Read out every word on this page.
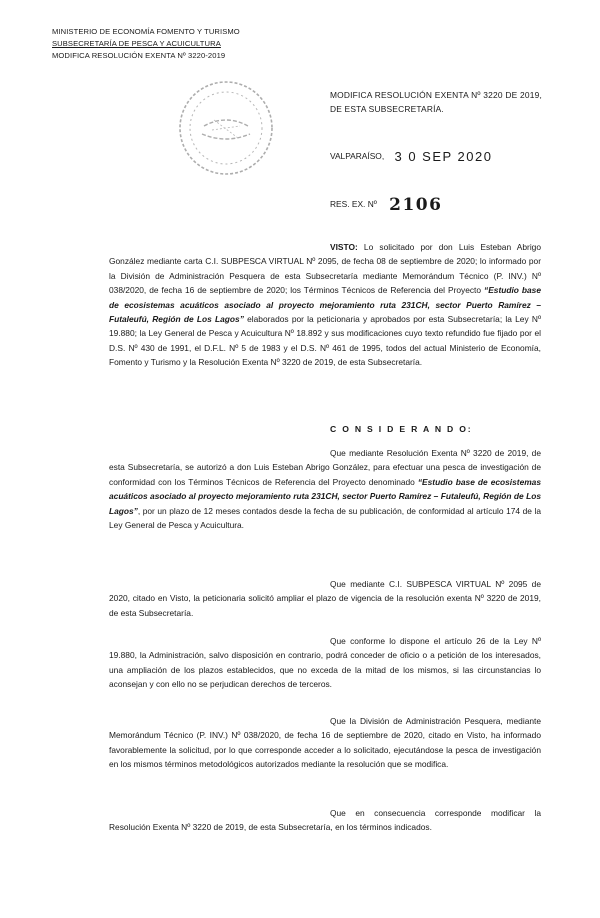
MINISTERIO DE ECONOMÍA FOMENTO Y TURISMO
SUBSECRETARÍA DE PESCA Y ACUICULTURA
MODIFICA RESOLUCIÓN EXENTA Nº 3220-2019
MODIFICA RESOLUCIÓN EXENTA Nº 3220 DE 2019, DE ESTA SUBSECRETARÍA.
VALPARAÍSO, 3 0 SEP 2020
RES. EX. Nº 2106

VISTO: Lo solicitado por don Luis Esteban Abrigo González mediante carta C.I. SUBPESCA VIRTUAL Nº 2095, de fecha 08 de septiembre de 2020; lo informado por la División de Administración Pesquera de esta Subsecretaría mediante Memorándum Técnico (P. INV.) Nº 038/2020, de fecha 16 de septiembre de 2020; los Términos Técnicos de Referencia del Proyecto “Estudio base de ecosistemas acuáticos asociado al proyecto mejoramiento ruta 231CH, sector Puerto Ramírez – Futaleufú, Región de Los Lagos” elaborados por la peticionaria y aprobados por esta Subsecretaría; la Ley Nº 19.880; la Ley General de Pesca y Acuicultura Nº 18.892 y sus modificaciones cuyo texto refundido fue fijado por el D.S. Nº 430 de 1991, el D.F.L. Nº 5 de 1983 y el D.S. Nº 461 de 1995, todos del actual Ministerio de Economía, Fomento y Turismo y la Resolución Exenta Nº 3220 de 2019, de esta Subsecretaría.

C O N S I D E R A N D O:

Que mediante Resolución Exenta Nº 3220 de 2019, de esta Subsecretaría, se autorizó a don Luis Esteban Abrigo González, para efectuar una pesca de investigación de conformidad con los Términos Técnicos de Referencia del Proyecto denominado “Estudio base de ecosistemas acuáticos asociado al proyecto mejoramiento ruta 231CH, sector Puerto Ramírez – Futaleufú, Región de Los Lagos”, por un plazo de 12 meses contados desde la fecha de su publicación, de conformidad al artículo 174 de la Ley General de Pesca y Acuicultura.

Que mediante C.I. SUBPESCA VIRTUAL Nº 2095 de 2020, citado en Visto, la peticionaria solicitó ampliar el plazo de vigencia de la resolución exenta Nº 3220 de 2019, de esta Subsecretaría.

Que conforme lo dispone el artículo 26 de la Ley Nº 19.880, la Administración, salvo disposición en contrario, podrá conceder de oficio o a petición de los interesados, una ampliación de los plazos establecidos, que no exceda de la mitad de los mismos, si las circunstancias lo aconsejan y con ello no se perjudican derechos de terceros.

Que la División de Administración Pesquera, mediante Memorándum Técnico (P. INV.) Nº 038/2020, de fecha 16 de septiembre de 2020, citado en Visto, ha informado favorablemente la solicitud, por lo que corresponde acceder a lo solicitado, ejecutándose la pesca de investigación en los mismos términos metodológicos autorizados mediante la resolución que se modifica.

Que en consecuencia corresponde modificar la Resolución Exenta Nº 3220 de 2019, de esta Subsecretaría, en los términos indicados.
